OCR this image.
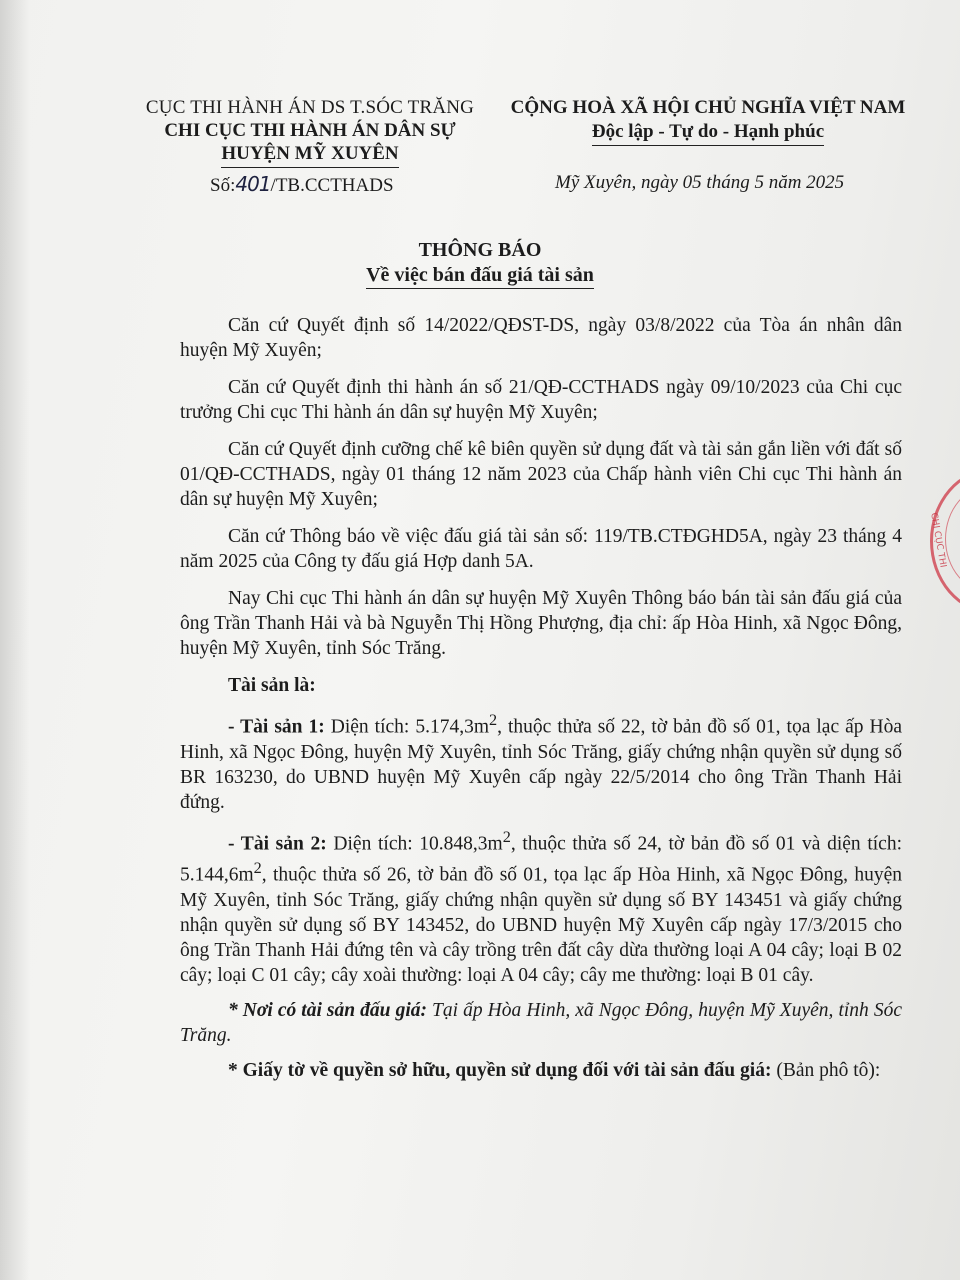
CỤC THI HÀNH ÁN DS T.SÓC TRĂNG
CHI CỤC THI HÀNH ÁN DÂN SỰ
HUYỆN MỸ XUYÊN
Số:401/TB.CCTHADS
CỘNG HOÀ XÃ HỘI CHỦ NGHĨA VIỆT NAM
Độc lập - Tự do - Hạnh phúc
Mỹ Xuyên, ngày 05 tháng 5 năm 2025
THÔNG BÁO
Về việc bán đấu giá tài sản

Căn cứ Quyết định số 14/2022/QĐST-DS, ngày 03/8/2022 của Tòa án nhân dân huyện Mỹ Xuyên;

Căn cứ Quyết định thi hành án số 21/QĐ-CCTHADS ngày 09/10/2023 của Chi cục trưởng Chi cục Thi hành án dân sự huyện Mỹ Xuyên;

Căn cứ Quyết định cưỡng chế kê biên quyền sử dụng đất và tài sản gắn liền với đất số 01/QĐ-CCTHADS, ngày 01 tháng 12 năm 2023 của Chấp hành viên Chi cục Thi hành án dân sự huyện Mỹ Xuyên;

Căn cứ Thông báo về việc đấu giá tài sản số: 119/TB.CTĐGHD5A, ngày 23 tháng 4 năm 2025 của Công ty đấu giá Hợp danh 5A.

Nay Chi cục Thi hành án dân sự huyện Mỹ Xuyên Thông báo bán tài sản đấu giá của ông Trần Thanh Hải và bà Nguyễn Thị Hồng Phượng, địa chỉ: ấp Hòa Hinh, xã Ngọc Đông, huyện Mỹ Xuyên, tỉnh Sóc Trăng.

Tài sản là:

- Tài sản 1: Diện tích: $5.174,3m^2$, thuộc thửa số 22, tờ bản đồ số 01, tọa lạc ấp Hòa Hinh, xã Ngọc Đông, huyện Mỹ Xuyên, tỉnh Sóc Trăng, giấy chứng nhận quyền sử dụng số BR 163230, do UBND huyện Mỹ Xuyên cấp ngày 22/5/2014 cho ông Trần Thanh Hải đứng.

- Tài sản 2: Diện tích: $10.848,3m^2$, thuộc thửa số 24, tờ bản đồ số 01 và diện tích: $5.144,6m^2$, thuộc thửa số 26, tờ bản đồ số 01, tọa lạc ấp Hòa Hinh, xã Ngọc Đông, huyện Mỹ Xuyên, tỉnh Sóc Trăng, giấy chứng nhận quyền sử dụng số BY 143451 và giấy chứng nhận quyền sử dụng số BY 143452, do UBND huyện Mỹ Xuyên cấp ngày 17/3/2015 cho ông Trần Thanh Hải đứng tên và cây trồng trên đất cây dừa thường loại A 04 cây; loại B 02 cây; loại C 01 cây; cây xoài thường: loại A 04 cây; cây me thường: loại B 01 cây.

* Nơi có tài sản đấu giá: Tại ấp Hòa Hinh, xã Ngọc Đông, huyện Mỹ Xuyên, tỉnh Sóc Trăng.

* Giấy tờ về quyền sở hữu, quyền sử dụng đối với tài sản đấu giá: (Bản phô tô):

CHI CỤC THI
